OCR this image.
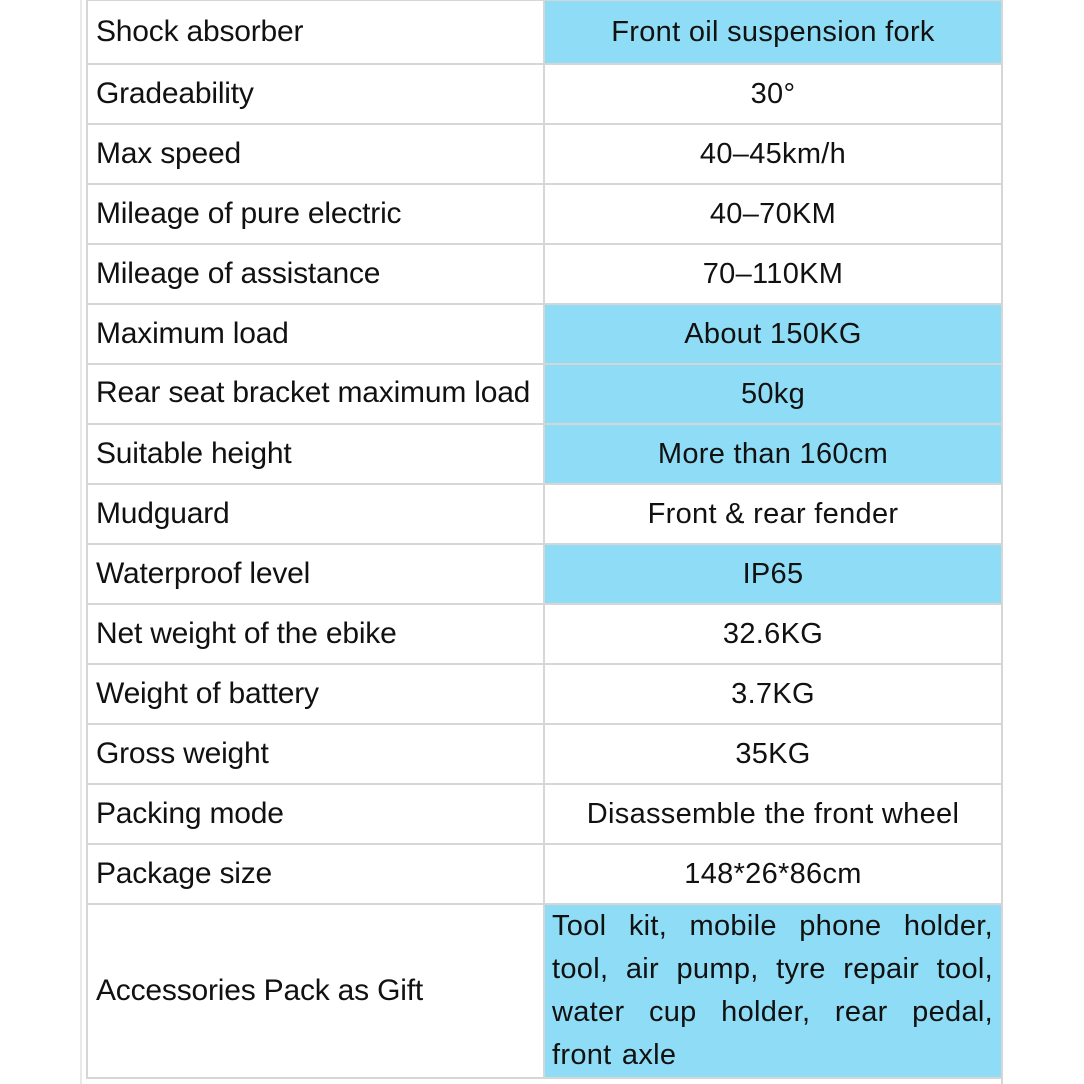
Shock absorber	Front oil suspension fork
Gradeability	30°
Max speed	40–45km/h
Mileage of pure electric	40–70KM
Mileage of assistance	70–110KM
Maximum load	About 150KG

Rear seat bracket maximum load	50kg
Suitable height	More than 160cm
Mudguard	Front & rear fender
Waterproof level	IP65
Net weight of the ebike	32.6KG
Weight of battery	3.7KG
Gross weight	35KG
Packing mode	Disassemble the front wheel
Package size	148*26*86cm
Accessories Pack as Gift	Tool kit, mobile phone holder, tool, air pump, tyre repair tool, water cup holder, rear pedal, front axle
